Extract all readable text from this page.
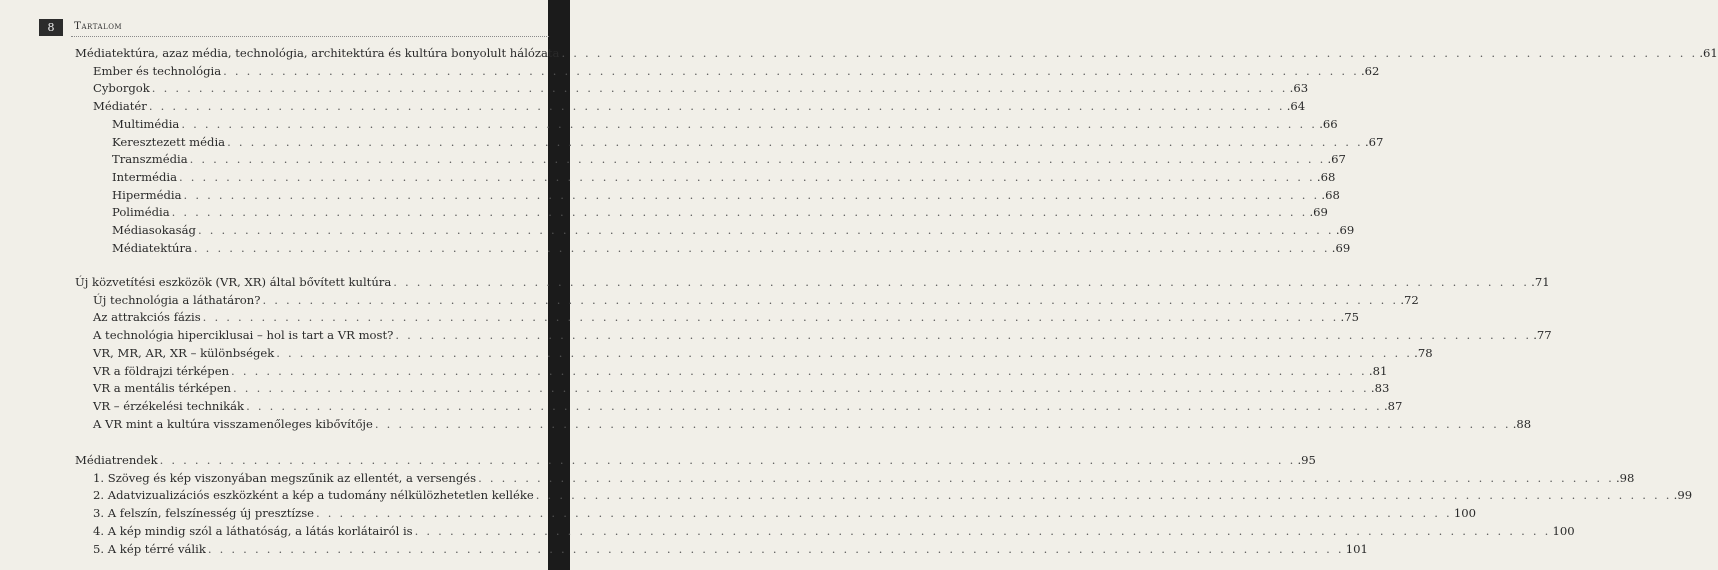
8	Tartalom
Médiatektúra, azaz média, technológia, architektúra és kultúra bonyolult hálózata . . .	.61
Ember és technológia . . .	.62
Cyborgok . . .	.63
Médiatér . . .	.64
Multimédia . . .	.66
Keresztezett média . . .	.67
Transzmédia . . .	.67
Intermédia . . .	.68
Hipermédia . . .	.68
Polimédia . . .	.69
Médiasokaság . . .	.69
Médiatektúra . . .	.69
Új közvetítési eszközök (VR, XR) által bővített kultúra . . .	.71
Új technológia a láthatáron? . . .	.72
Az attrakciós fázis . . .	.75
A technológia hiperciklusai – hol is tart a VR most? . . .	.77
VR, MR, AR, XR – különbségek . . .	.78
VR a földrajzi térképen . . .	.81
VR a mentális térképen . . .	.83
VR – érzékelési technikák . . .	.87
A VR mint a kultúra visszamenőleges kibővítője . . .	.88
Médiatrendek . . .	.95
1. Szöveg és kép viszonyában megszűnik az ellentét, a versengés . . .	.98
2. Adatvizualizációs eszközként a kép a tudomány nélkülözhetetlen kelléke . . .	.99
3. A felszín, felszínesség új presztízse . . .	100
4. A kép mindig szól a láthatóság, a látás korlátairól is . . .	100
5. A kép térré válik . . .	101
